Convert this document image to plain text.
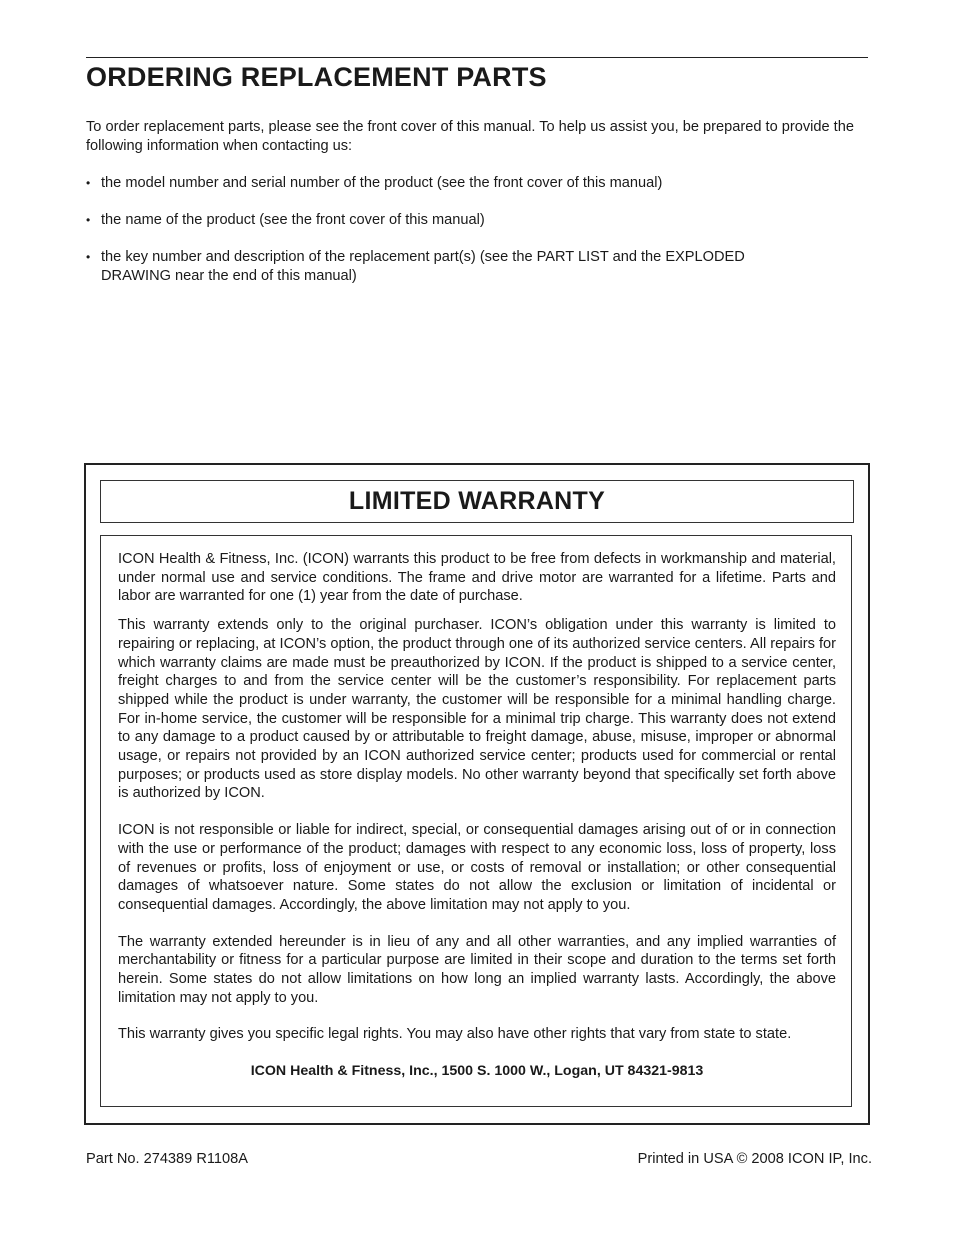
ORDERING REPLACEMENT PARTS

To order replacement parts, please see the front cover of this manual. To help us assist you, be prepared to provide the following information when contacting us:

• the model number and serial number of the product (see the front cover of this manual)
• the name of the product (see the front cover of this manual)
• the key number and description of the replacement part(s) (see the PART LIST and the EXPLODED DRAWING near the end of this manual)
LIMITED WARRANTY

ICON Health & Fitness, Inc. (ICON) warrants this product to be free from defects in workmanship and material, under normal use and service conditions. The frame and drive motor are warranted for a lifetime. Parts and labor are warranted for one (1) year from the date of purchase.

This warranty extends only to the original purchaser. ICON’s obligation under this warranty is limited to repairing or replacing, at ICON’s option, the product through one of its authorized service centers. All repairs for which warranty claims are made must be preauthorized by ICON. If the product is shipped to a service center, freight charges to and from the service center will be the customer’s responsibility. For replacement parts shipped while the product is under warranty, the customer will be responsible for a minimal handling charge. For in-home service, the customer will be responsible for a minimal trip charge. This warranty does not extend to any damage to a product caused by or attributable to freight damage, abuse, misuse, improper or abnormal usage, or repairs not provided by an ICON authorized service center; products used for commercial or rental purposes; or products used as store display models. No other warranty beyond that specifically set forth above is authorized by ICON.

ICON is not responsible or liable for indirect, special, or consequential damages arising out of or in connection with the use or performance of the product; damages with respect to any economic loss, loss of property, loss of revenues or profits, loss of enjoyment or use, or costs of removal or installation; or other consequential damages of whatsoever nature. Some states do not allow the exclusion or limitation of incidental or consequential damages. Accordingly, the above limitation may not apply to you.

The warranty extended hereunder is in lieu of any and all other warranties, and any implied warranties of merchantability or fitness for a particular purpose are limited in their scope and duration to the terms set forth herein. Some states do not allow limitations on how long an implied warranty lasts. Accordingly, the above limitation may not apply to you.

This warranty gives you specific legal rights. You may also have other rights that vary from state to state.

ICON Health & Fitness, Inc., 1500 S. 1000 W., Logan, UT 84321-9813

Part No. 274389 R1108A	Printed in USA © 2008 ICON IP, Inc.
